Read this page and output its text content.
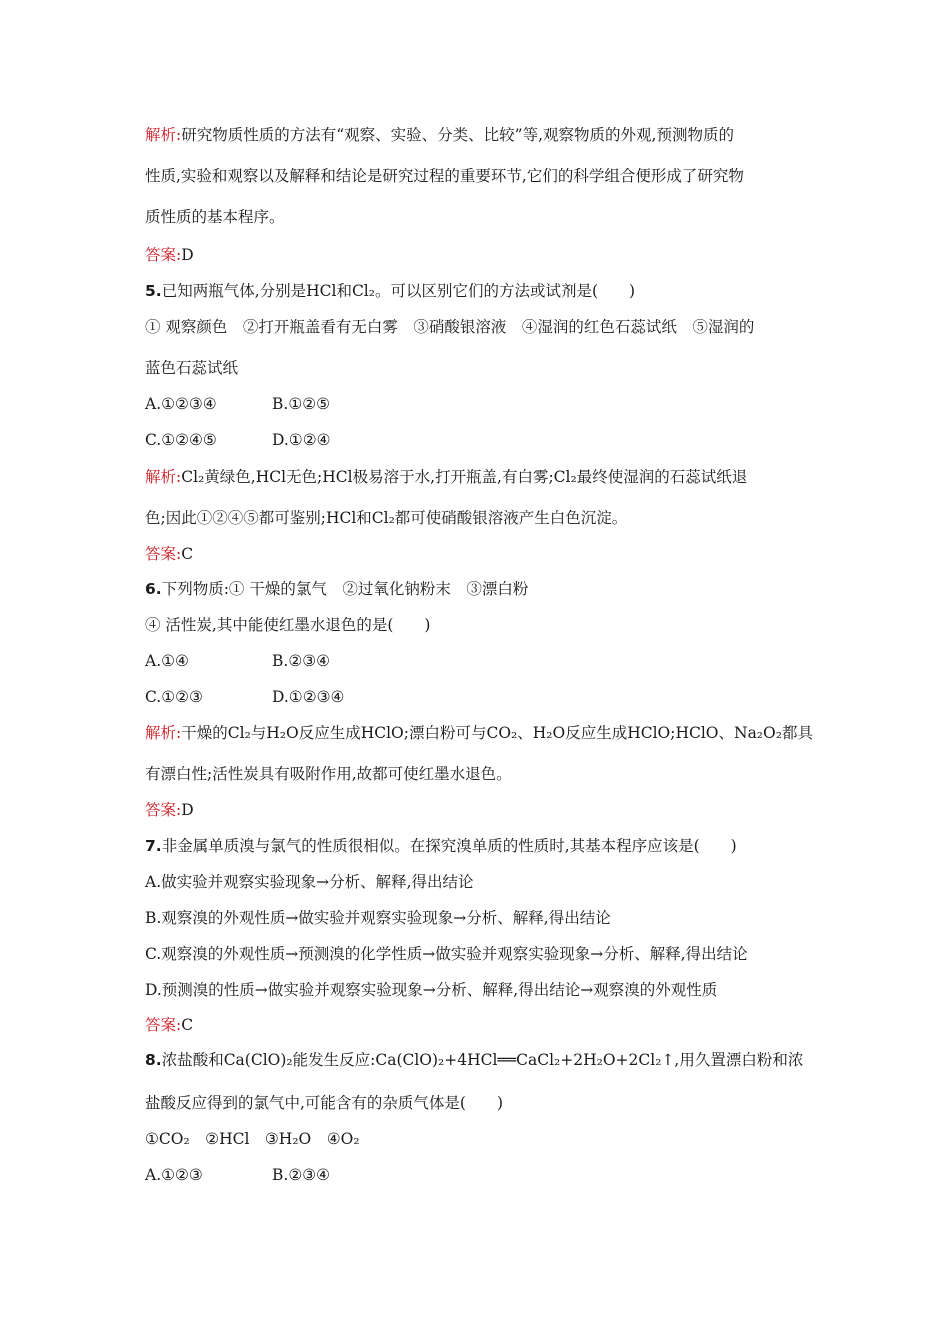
解析:研究物质性质的方法有“观察、实验、分类、比较”等,观察物质的外观,预测物质的
性质,实验和观察以及解释和结论是研究过程的重要环节,它们的科学组合便形成了研究物
质性质的基本程序。
答案:D
5.已知两瓶气体,分别是HCl和Cl₂。可以区别它们的方法或试剂是(　　)
① 观察颜色　②打开瓶盖看有无白雾　③硝酸银溶液　④湿润的红色石蕊试纸　⑤湿润的
蓝色石蕊试纸
A.①②③④	B.①②⑤
C.①②④⑤	D.①②④
解析:Cl₂黄绿色,HCl无色;HCl极易溶于水,打开瓶盖,有白雾;Cl₂最终使湿润的石蕊试纸退
色;因此①②④⑤都可鉴别;HCl和Cl₂都可使硝酸银溶液产生白色沉淀。
答案:C
6.下列物质:① 干燥的氯气　②过氧化钠粉末　③漂白粉
④ 活性炭,其中能使红墨水退色的是(　　)
A.①④	B.②③④
C.①②③	D.①②③④
解析:干燥的Cl₂与H₂O反应生成HClO;漂白粉可与CO₂、H₂O反应生成HClO;HClO、Na₂O₂都具
有漂白性;活性炭具有吸附作用,故都可使红墨水退色。
答案:D
7.非金属单质溴与氯气的性质很相似。在探究溴单质的性质时,其基本程序应该是(　　)
A.做实验并观察实验现象→分析、解释,得出结论
B.观察溴的外观性质→做实验并观察实验现象→分析、解释,得出结论
C.观察溴的外观性质→预测溴的化学性质→做实验并观察实验现象→分析、解释,得出结论
D.预测溴的性质→做实验并观察实验现象→分析、解释,得出结论→观察溴的外观性质
答案:C
8.浓盐酸和Ca(ClO)₂能发生反应:Ca(ClO)₂+4HCl══CaCl₂+2H₂O+2Cl₂↑,用久置漂白粉和浓
盐酸反应得到的氯气中,可能含有的杂质气体是(　　)
①CO₂　②HCl　③H₂O　④O₂
A.①②③	B.②③④
